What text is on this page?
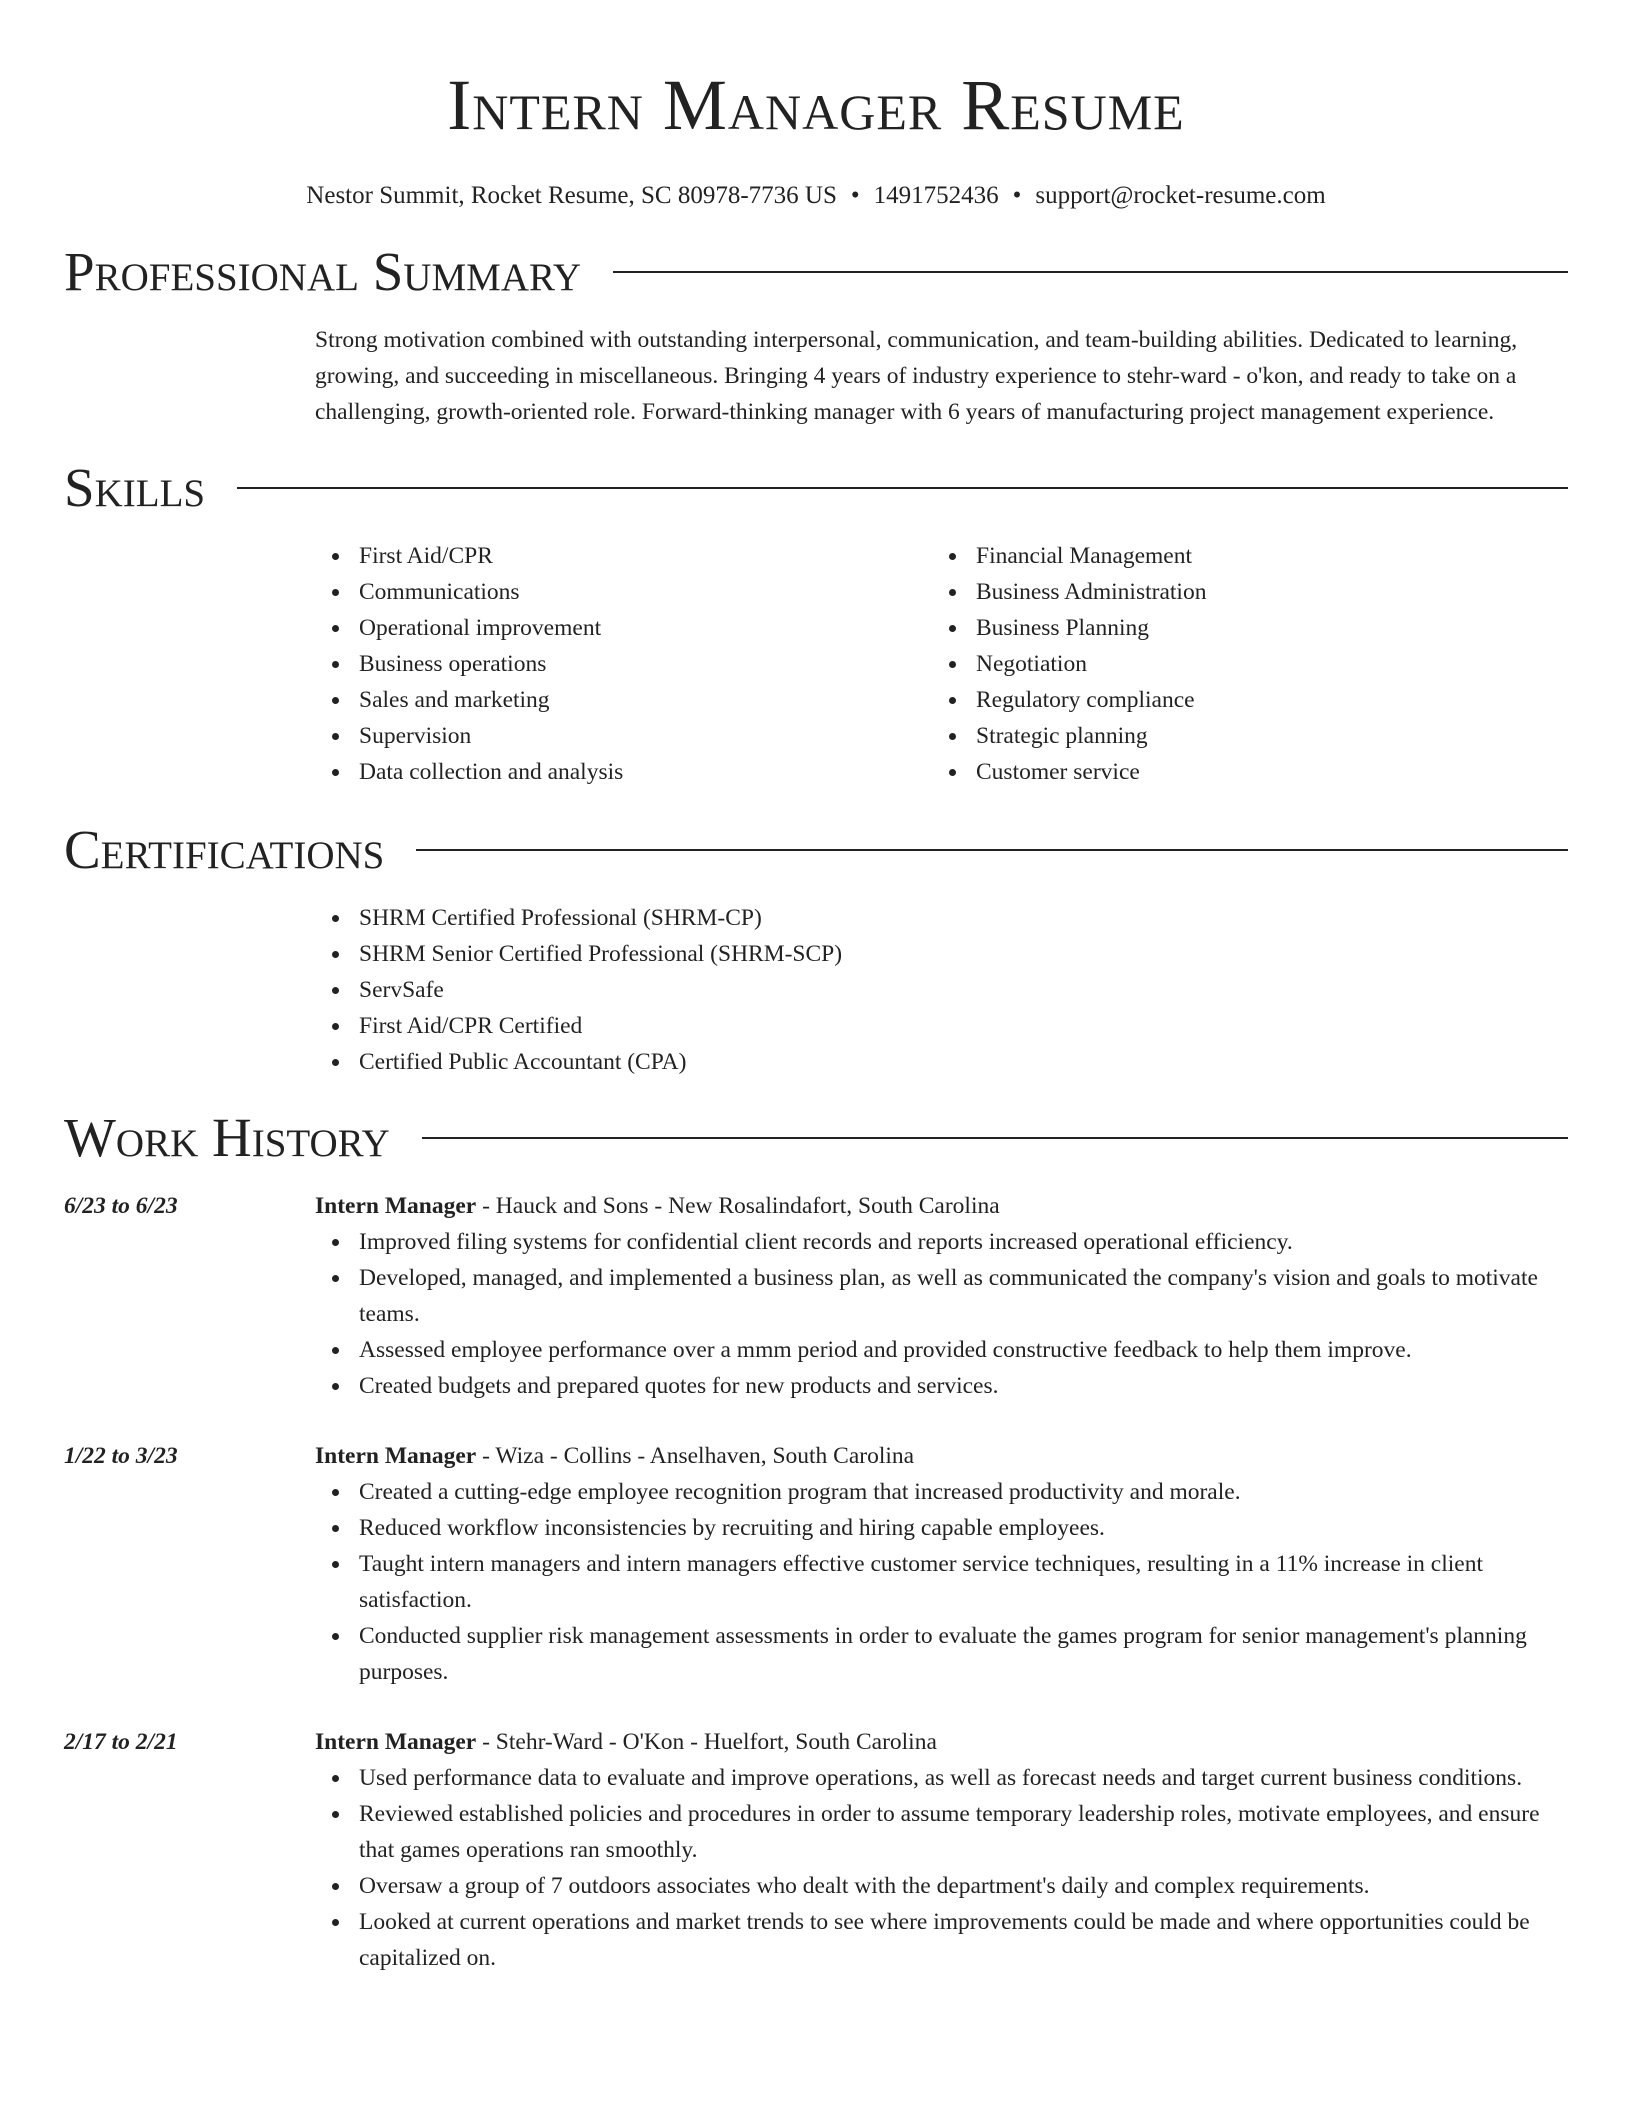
Intern Manager Resume
Nestor Summit, Rocket Resume, SC 80978-7736 US • 1491752436 • support@rocket-resume.com
Professional Summary

Strong motivation combined with outstanding interpersonal, communication, and team-building abilities. Dedicated to learning, growing, and succeeding in miscellaneous. Bringing 4 years of industry experience to stehr-ward - o'kon, and ready to take on a challenging, growth-oriented role. Forward-thinking manager with 6 years of manufacturing project management experience.

Skills
First Aid/CPR
Communications
Operational improvement
Business operations
Sales and marketing
Supervision
Data collection and analysis
Financial Management
Business Administration
Business Planning
Negotiation
Regulatory compliance
Strategic planning
Customer service
Certifications
SHRM Certified Professional (SHRM-CP)
SHRM Senior Certified Professional (SHRM-SCP)
ServSafe
First Aid/CPR Certified
Certified Public Accountant (CPA)
Work History
6/23 to 6/23	Intern Manager - Hauck and Sons - New Rosalindafort, South Carolina
Improved filing systems for confidential client records and reports increased operational efficiency.
Developed, managed, and implemented a business plan, as well as communicated the company's vision and goals to motivate teams.
Assessed employee performance over a mmm period and provided constructive feedback to help them improve.
Created budgets and prepared quotes for new products and services.
1/22 to 3/23	Intern Manager - Wiza - Collins - Anselhaven, South Carolina
Created a cutting-edge employee recognition program that increased productivity and morale.
Reduced workflow inconsistencies by recruiting and hiring capable employees.
Taught intern managers and intern managers effective customer service techniques, resulting in a 11% increase in client satisfaction.
Conducted supplier risk management assessments in order to evaluate the games program for senior management's planning purposes.
2/17 to 2/21	Intern Manager - Stehr-Ward - O'Kon - Huelfort, South Carolina
Used performance data to evaluate and improve operations, as well as forecast needs and target current business conditions.
Reviewed established policies and procedures in order to assume temporary leadership roles, motivate employees, and ensure that games operations ran smoothly.
Oversaw a group of 7 outdoors associates who dealt with the department's daily and complex requirements.
Looked at current operations and market trends to see where improvements could be made and where opportunities could be capitalized on.
